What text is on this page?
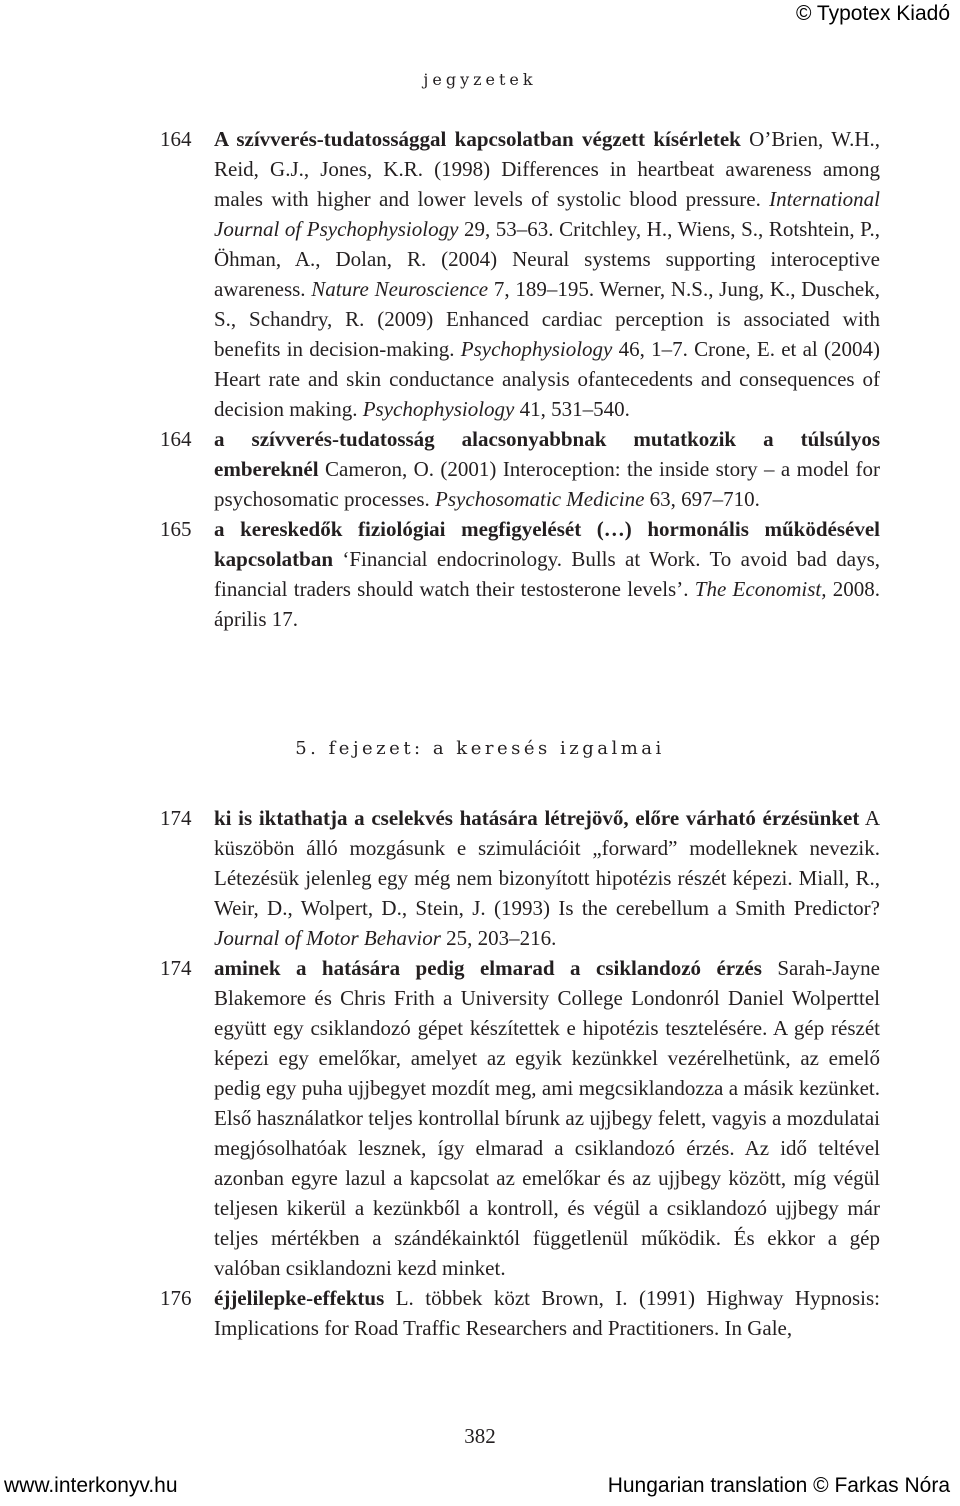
© Typotex Kiadó
jegyzetek
164 A szívverés-tudatossággal kapcsolatban végzett kísérletek O’Brien, W.H., Reid, G.J., Jones, K.R. (1998) Differences in heartbeat awareness among males with higher and lower levels of systolic blood pressure. International Journal of Psychophysiology 29, 53–63. Critchley, H., Wiens, S., Rotshtein, P., Öhman, A., Dolan, R. (2004) Neural systems supporting interoceptive awareness. Nature Neuroscience 7, 189–195. Werner, N.S., Jung, K., Duschek, S., Schandry, R. (2009) Enhanced cardiac perception is associated with benefits in decision-making. Psychophysiology 46, 1–7. Crone, E. et al (2004) Heart rate and skin conductance analysis ofantecedents and consequences of decision making. Psychophysiology 41, 531–540.
164 a szívverés-tudatosság alacsonyabbnak mutatkozik a túlsúlyos embereknél Cameron, O. (2001) Interoception: the inside story – a model for psychosomatic processes. Psychosomatic Medicine 63, 697–710.
165 a kereskedők fiziológiai megfigyelését (…) hormonális működésével kapcsolatban ‘Financial endocrinology. Bulls at Work. To avoid bad days, financial traders should watch their testosterone levels’. The Economist, 2008. április 17.
5. fejezet: a keresés izgalmai
174 ki is iktathatja a cselekvés hatására létrejövő, előre várható érzésünket A küszöbön álló mozgásunk e szimulációit „forward” modelleknek nevezik. Létezésük jelenleg egy még nem bizonyított hipotézis részét képezi. Miall, R., Weir, D., Wolpert, D., Stein, J. (1993) Is the cerebellum a Smith Predictor? Journal of Motor Behavior 25, 203–216.
174 aminek a hatására pedig elmarad a csiklandozó érzés Sarah-Jayne Blakemore és Chris Frith a University College Londonról Daniel Wolperttel együtt egy csiklandozó gépet készítettek e hipotézis tesztelésére. A gép részét képezi egy emelőkar, amelyet az egyik kezünkkel vezérelhetünk, az emelő pedig egy puha ujjbegyet mozdít meg, ami megcsiklandozza a másik kezünket. Első használatkor teljes kontrollal bírunk az ujjbegy felett, vagyis a mozdulatai megjósolhatóak lesznek, így elmarad a csiklandozó érzés. Az idő teltével azonban egyre lazul a kapcsolat az emelőkar és az ujjbegy között, míg végül teljesen kikerül a kezünkből a kontroll, és végül a csiklandozó ujjbegy már teljes mértékben a szándékainktól függetlenül működik. És ekkor a gép valóban csiklandozni kezd minket.
176 éjjelilepke-effektus L. többek közt Brown, I. (1991) Highway Hypnosis: Implications for Road Traffic Researchers and Practitioners. In Gale,
382
www.interkonyv.hu	Hungarian translation © Farkas Nóra
